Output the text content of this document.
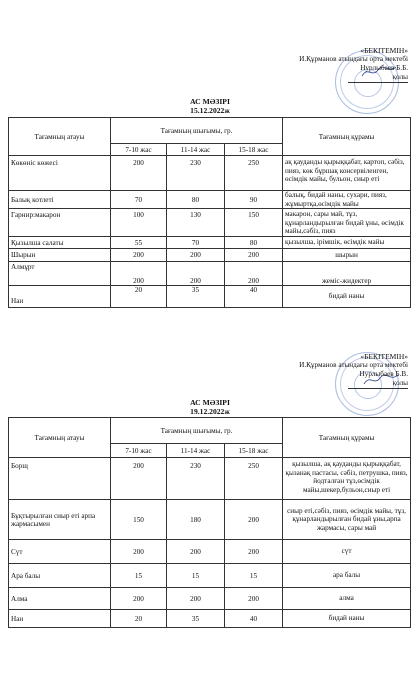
«БЕКІТЕМІН»
И.Құрманов атындағы орта мектебі
Нурлыбаев Б.Б.
қолы
АС МӘЗІРІ
15.12.2022ж
Тағамның атауы	Тағамның шығымы, гр.			Тағамның құрамы
	7-10 жас	11-14 жас	15-18 жас	
Көкөніс көжесі	200	230	250	ақ қауданды қырыққабат, картоп, сәбіз, пияз, көк бұршақ консервіленген, өсімдік майы, бульон, сиыр еті
Балық котлеті	70	80	90	балық, бидай наны, сухари, пияз, жұмыртқа,өсімдік майы
Гарнир:макарон	100	130	150	макарон, сары май, тұз, құнарландырылған бидай ұны, өсімдік майы,сәбіз, пияз
Қызылша салаты	55	70	80	қызылша, ірімшік, өсімдік майы
Шырын	200	200	200	шырын
Алмұрт	200	200	200	жеміс-жидектер
Нан	20	35	40	бидай наны
«БЕКІТЕМІН»
И.Құрманов атындағы орта мектебі
Нурлыбаев Б.В.
қолы
АС МӘЗІРІ
19.12.2022ж
Тағамның атауы	Тағамның шығымы, гр.			Тағамның құрамы
	7-10 жас	11-14 жас	15-18 жас	
Борщ	200	230	250	қызылша, ақ қауданды қырыққабат, қызанақ пастасы, сәбіз, петрушка, пияз, йодталған тұз,өсімдік майы,шекер,бульон,сиыр еті
Бұқтырылған сиыр еті арпа жармасымен	150	180	200	сиыр еті,сәбіз, пияз, өсімдік майы, тұз, құнарландырылған бидай ұны,арпа жармасы, сары май
Сүт	200	200	200	сүт
Ара балы	15	15	15	ара балы
Алма	200	200	200	алма
Нан	20	35	40	бидай наны
